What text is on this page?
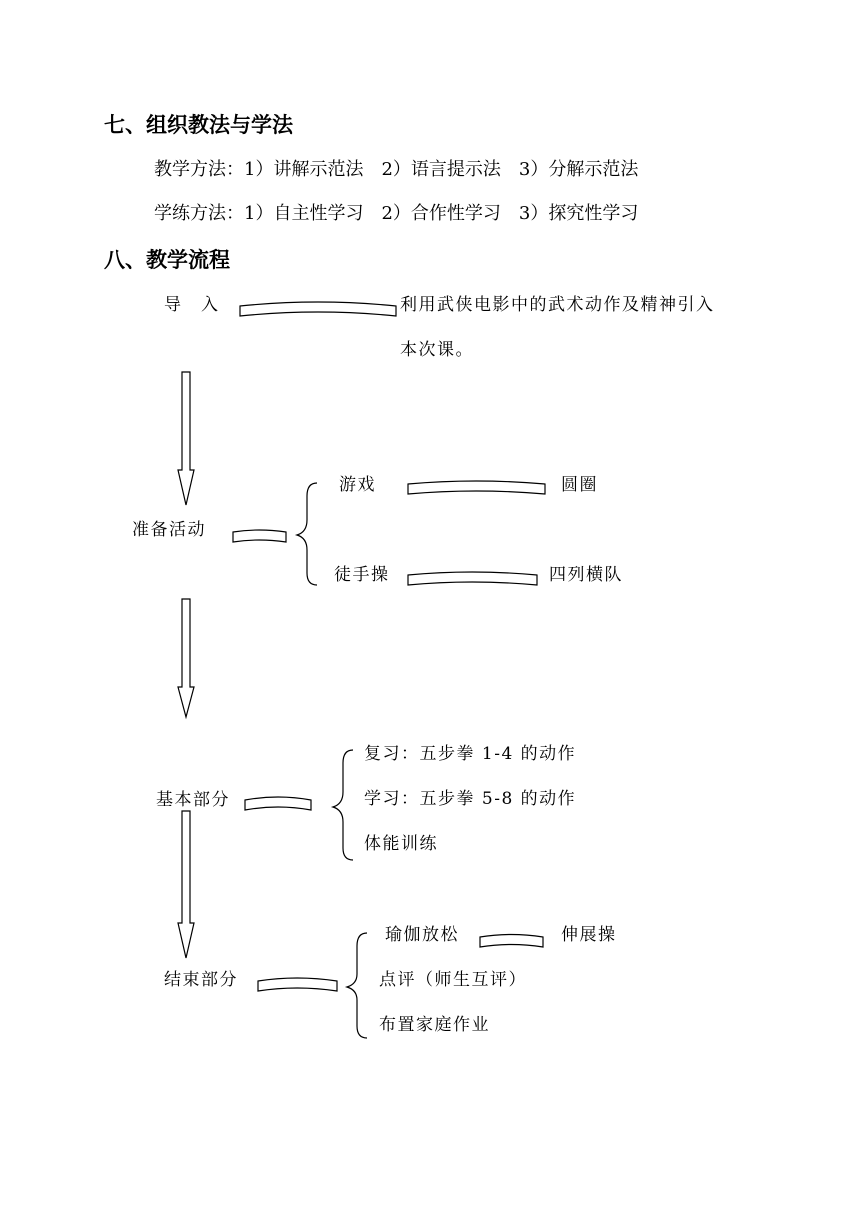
七、组织教法与学法
教学方法：1）讲解示范法　2）语言提示法　3）分解示范法
学练方法：1）自主性学习　2）合作性学习　3）探究性学习
八、教学流程
导　入	利用武侠电影中的武术动作及精神引入
本次课。
准备活动
游戏	圆圈
徒手操	四列横队
基本部分
复习：五步拳 1-4 的动作
学习：五步拳 5-8 的动作
体能训练
结束部分
瑜伽放松	伸展操
点评（师生互评）
布置家庭作业
